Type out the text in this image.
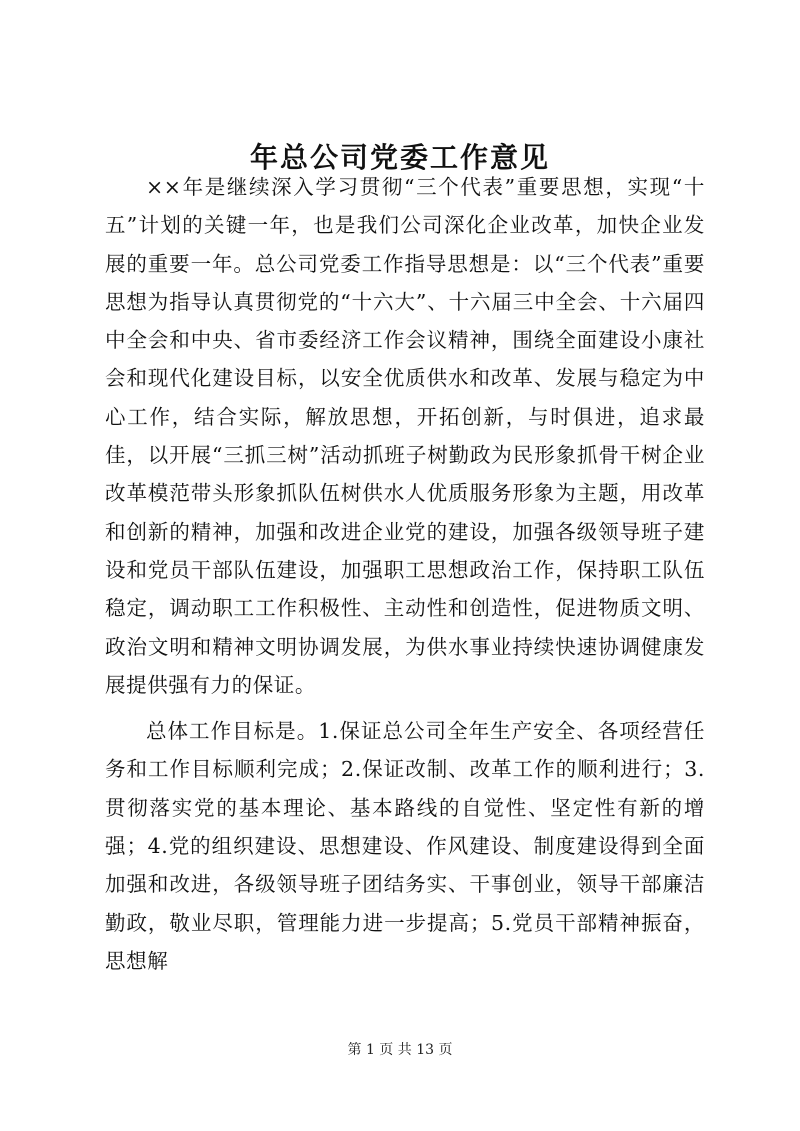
年总公司党委工作意见

××年是继续深入学习贯彻“三个代表”重要思想，实现“十五”计划的关键一年，也是我们公司深化企业改革，加快企业发展的重要一年。总公司党委工作指导思想是：以“三个代表”重要思想为指导认真贯彻党的“十六大”、十六届三中全会、十六届四中全会和中央、省市委经济工作会议精神，围绕全面建设小康社会和现代化建设目标，以安全优质供水和改革、发展与稳定为中心工作，结合实际，解放思想，开拓创新，与时俱进，追求最佳，以开展“三抓三树”活动抓班子树勤政为民形象抓骨干树企业改革模范带头形象抓队伍树供水人优质服务形象为主题，用改革和创新的精神，加强和改进企业党的建设，加强各级领导班子建设和党员干部队伍建设，加强职工思想政治工作，保持职工队伍稳定，调动职工工作积极性、主动性和创造性，促进物质文明、政治文明和精神文明协调发展，为供水事业持续快速协调健康发展提供强有力的保证。

总体工作目标是。1.保证总公司全年生产安全、各项经营任务和工作目标顺利完成；2.保证改制、改革工作的顺利进行；3.贯彻落实党的基本理论、基本路线的自觉性、坚定性有新的增强；4.党的组织建设、思想建设、作风建设、制度建设得到全面加强和改进，各级领导班子团结务实、干事创业，领导干部廉洁勤政，敬业尽职，管理能力进一步提高；5.党员干部精神振奋，思想解

第 1 页 共 13 页
